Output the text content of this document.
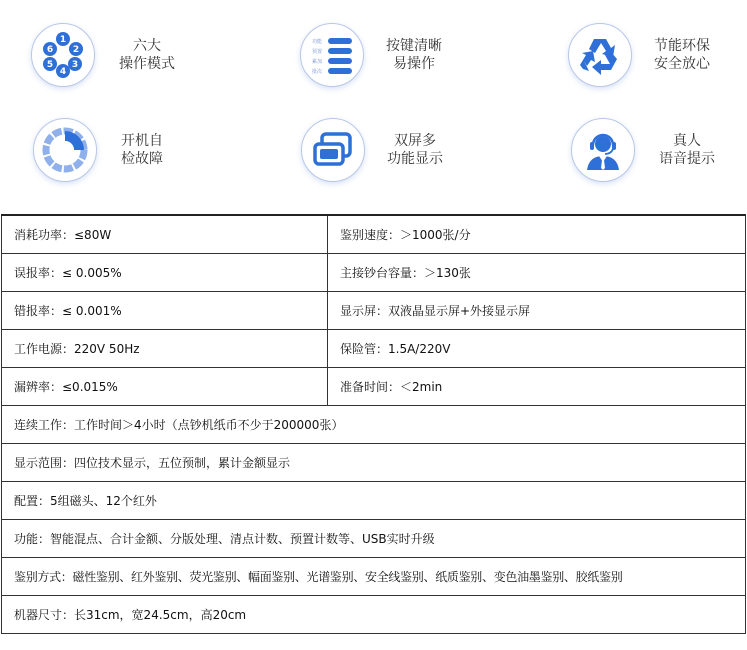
1
2
3
4
5
6	六大
操作模式
功能
预置
累加
批次
按键清晰
易操作
节能环保
安全放心
开机自
检故障
双屏多
功能显示
真人
语音提示
消耗功率：≤80W	鉴别速度：＞1000张/分
误报率：≤ 0.005%	主接钞台容量：＞130张
错报率：≤ 0.001%	显示屏：双液晶显示屏+外接显示屏
工作电源：220V 50Hz	保险管：1.5A/220V
漏辨率：≤0.015%	准备时间：＜2min
连续工作：工作时间＞4小时（点钞机纸币不少于200000张）	
显示范围：四位技术显示，五位预制，累计金额显示	
配置：5组磁头、12个红外	
功能：智能混点、合计金额、分版处理、清点计数、预置计数等、USB实时升级	
鉴别方式：磁性鉴别、红外鉴别、荧光鉴别、幅面鉴别、光谱鉴别、安全线鉴别、纸质鉴别、变色油墨鉴别、胶纸鉴别	
机器尺寸：长31cm，宽24.5cm，高20cm	
